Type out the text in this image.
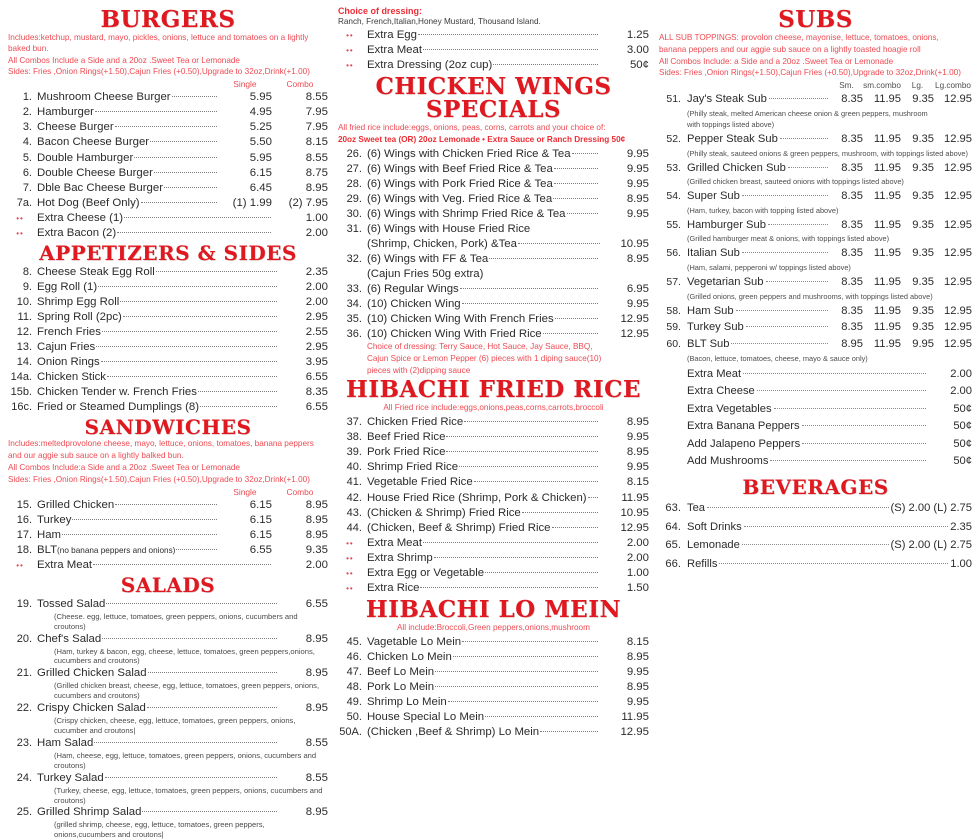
BURGERS
Includes:ketchup, mustard, mayo, pickles, onions, lettuce and tomatoes on a lightly baked bun.
All Combos Include a Side and a 20oz .Sweet Tea or Lemonade
Sides: Fries ,Onion Rings(+1.50),Cajun Fries (+0.50),Upgrade to 32oz,Drink(+1.00)
Single	Combo
1. Mushroom Cheese Burger	5.95	8.55
2. Hamburger	4.95	7.95
3. Cheese Burger	5.25	7.95
4. Bacon Cheese Burger	5.50	8.15
5. Double Hamburger	5.95	8.55
6. Double Cheese Burger	6.15	8.75
7. Dble Bac Cheese Burger	6.45	8.95
7a. Hot Dog (Beef Only)	(1) 1.99	(2) 7.95
••
Extra Cheese (1)	1.00
••
Extra Bacon (2)	2.00
APPETIZERS & SIDES
8. Cheese Steak Egg Roll	2.35
9. Egg Roll (1)	2.00
10. Shrimp Egg Roll	2.00
11. Spring Roll (2pc)	2.95
12. French Fries	2.55
13. Cajun Fries	2.95
14. Onion Rings	3.95
14a. Chicken Stick	6.55
15b. Chicken Tender w. French Fries	8.35
16c. Fried or Steamed Dumplings (8)	6.55
SANDWICHES
Includes:meltedprovolone cheese, mayo, lettuce, onions, tomatoes, banana peppers
and our aggie sub sauce on a lightly balked bun.
All Combos Include:a Side and a 20oz .Sweet Tea or Lemonade
Sides: Fries ,Onion Rings(+1.50),Cajun Fries (+0.50),Upgrade to 32oz,Drink(+1.00)
Single	Combo
15. Grilled Chicken	6.15	8.95
16. Turkey	6.15	8.95
17. Ham	6.15	8.95
18. BLT (no banana peppers and onions)	6.55	9.35
••
Extra Meat	2.00
SALADS
19. Tossed Salad	6.55
(Cheese. egg, lettuce, tomatoes, green peppers, onions, cucumbers and croutons)
20. Chef's Salad	8.95
(Ham, turkey & bacon, egg, cheese, lettuce, tomatoes, green peppers,onions, cucumbers and croutons)
21. Grilled Chicken Salad	8.95
(Grilled chicken breast, cheese, egg, lettuce, tomatoes, green peppers, onions, cucumbers and croutons)
22. Crispy Chicken Salad	8.95
(Crispy chicken, cheese, egg, lettuce, tomatoes, green peppers, onions, cucumber and croutons|
23. Ham Salad	8.55
(Ham, cheese, egg, lettuce, tomatoes, green peppers, onions, cucumbers and croutons)
24. Turkey Salad	8.55
(Turkey, cheese, egg, lettuce, tomatoes, green peppers, onions, cucumbers and croutons)
25. Grilled Shrimp Salad	8.95
(grilled shrimp, cheese, egg, lettuce, tomatoes, green peppers, onions,cucumbers and croutons|
Choice of dressing:
Ranch, French,Italian,Honey Mustard, Thousand Island.
••
Extra Egg	1.25
••
Extra Meat	3.00
••
Extra Dressing (2oz cup)	50¢
CHICKEN WINGS SPECIALS
All fried rice include:eggs, onions, peas, corns, carrots and your choice of:
20oz Sweet tea (OR) 20oz Lemonade • Extra Sauce or Ranch Dressing 50¢
26. (6) Wings with Chicken Fried Rice & Tea	9.95
27. (6) Wings with Beef Fried Rice & Tea	9.95
28. (6) Wings with Pork Fried Rice & Tea	9.95
29. (6) Wings with Veg. Fried Rice & Tea	8.95
30. (6) Wings with Shrimp Fried Rice & Tea	9.95
31. (6) Wings with House Fried Rice
(Shrimp, Chicken, Pork) &Tea	10.95
32. (6) Wings with FF & Tea	8.95
(Cajun Fries 50ɡ extra)
33. (6) Regular Wings	6.95
34. (10) Chicken Wing	9.95
35. (10) Chicken Wing With French Fries	12.95
36. (10) Chicken Wing With Fried Rice	12.95
Choice of dressing: Terry Sauce, Hot Sauce, Jay Sauce, BBQ,
Cajun Spice or Lemon Pepper (6) pieces with 1 diping sauce(10)
pieces with (2)dipping sauce
HIBACHI FRIED RICE
All Fried rice include:eggs,onions,peas,corns,carrots,broccoli
37. Chicken Fried Rice	8.95
38. Beef Fried Rice	9.95
39. Pork Fried Rice	8.95
40. Shrimp Fried Rice	9.95
41. Vegetable Fried Rice	8.15
42. House Fried Rice (Shrimp, Pork & Chicken)	11.95
43. (Chicken & Shrimp) Fried Rice	10.95
44. (Chicken, Beef & Shrimp) Fried Rice	12.95
••
Extra Meat	2.00
••
Extra Shrimp	2.00
••
Extra Egg or Vegetable	1.00
••
Extra Rice	1.50
HIBACHI LO MEIN
All include:Broccoli,Green peppers,onions,mushroom
45. Vagetable Lo Mein	8.15
46. Chicken Lo Mein	8.95
47. Beef Lo Mein	9.95
48. Pork Lo Mein	8.95
49. Shrimp Lo Mein	9.95
50. House Special Lo Mein	11.95
50A. (Chicken ,Beef & Shrimp) Lo Mein	12.95
SUBS
ALL SUB TOPPINGS: provolon cheese, mayonise, lettuce, tomatoes, onions,
banana peppers and our aggie sub sauce on a lightly toasted hoagie roll
All Combos Include: a Side and a 20oz .Sweet Tea or Lemonade
Sides: Fries ,Onion Rings(+1.50),Cajun Fries (+0.50),Upgrade to 32oz,Drink(+1.00)
Sm.	sm.combo	Lg.	Lg.combo
51. Jay's Steak Sub	8.35 11.95	9.35 12.95
(Philly steak, melted American cheese onion & green peppers, mushroom
with toppings listed above)
52. Pepper Steak Sub	8.35 11.95	9.35 12.95
(Philly steak, sauteed onions & green peppers, mushroom, with toppings listed above)
53. Grilled Chicken Sub	8.35 11.95	9.35 12.95
(Grilled chicken breast, sauteed onions with toppings listed above)
54. Super Sub	8.35 11.95	9.35 12.95
(Ham, turkey, bacon with topping listed above)
55. Hamburger Sub	8.35 11.95	9.35 12.95
(Grilled hamburger meat & onions, with toppings listed above)
56. Italian Sub	8.35 11.95	9.35 12.95
(Ham, salami, pepperoni w/ toppings listed above)
57. Vegetarian Sub	8.35 11.95	9.35 12.95
(Grilled onions, green peppers and mushrooms, with toppings listed above)
58. Ham Sub	8.35 11.95	9.35 12.95
59. Turkey Sub	8.35 11.95	9.35 12.95
60. BLT Sub	8.95 11.95	9.95 12.95
(Bacon, lettuce, tomatoes, cheese, mayo & sauce only)
Extra Meat	2.00
Extra Cheese	2.00
Extra Vegetables	50¢
Extra Banana Peppers	50¢
Add Jalapeno Peppers	50¢
Add Mushrooms	50¢
BEVERAGES
63. Tea	(S) 2.00 (L) 2.75
64. Soft Drinks	2.35
65. Lemonade	(S) 2.00 (L) 2.75
66. Refills	1.00
